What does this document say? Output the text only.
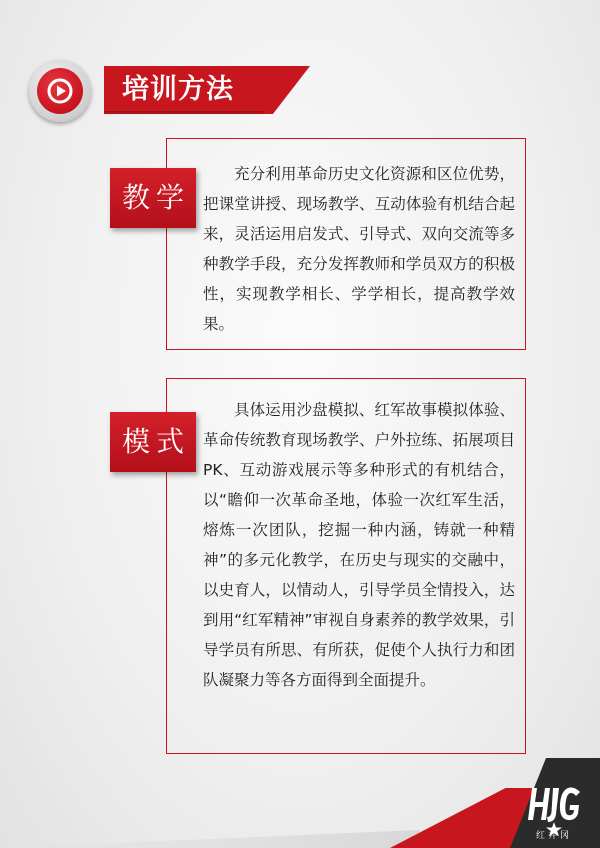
培训方法
教学
充分利用革命历史文化资源和区位优势，把课堂讲授、现场教学、互动体验有机结合起来，灵活运用启发式、引导式、双向交流等多种教学手段，充分发挥教师和学员双方的积极性，实现教学相长、学学相长，提高教学效果。
模式
具体运用沙盘模拟、红军故事模拟体验、革命传统教育现场教学、户外拉练、拓展项目PK、互动游戏展示等多种形式的有机结合，以“瞻仰一次革命圣地，体验一次红军生活，熔炼一次团队，挖掘一种内涵，铸就一种精神”的多元化教学，在历史与现实的交融中，以史育人，以情动人，引导学员全情投入，达到用“红军精神”审视自身素养的教学效果，引导学员有所思、有所获，促使个人执行力和团队凝聚力等各方面得到全面提升。
红井冈
